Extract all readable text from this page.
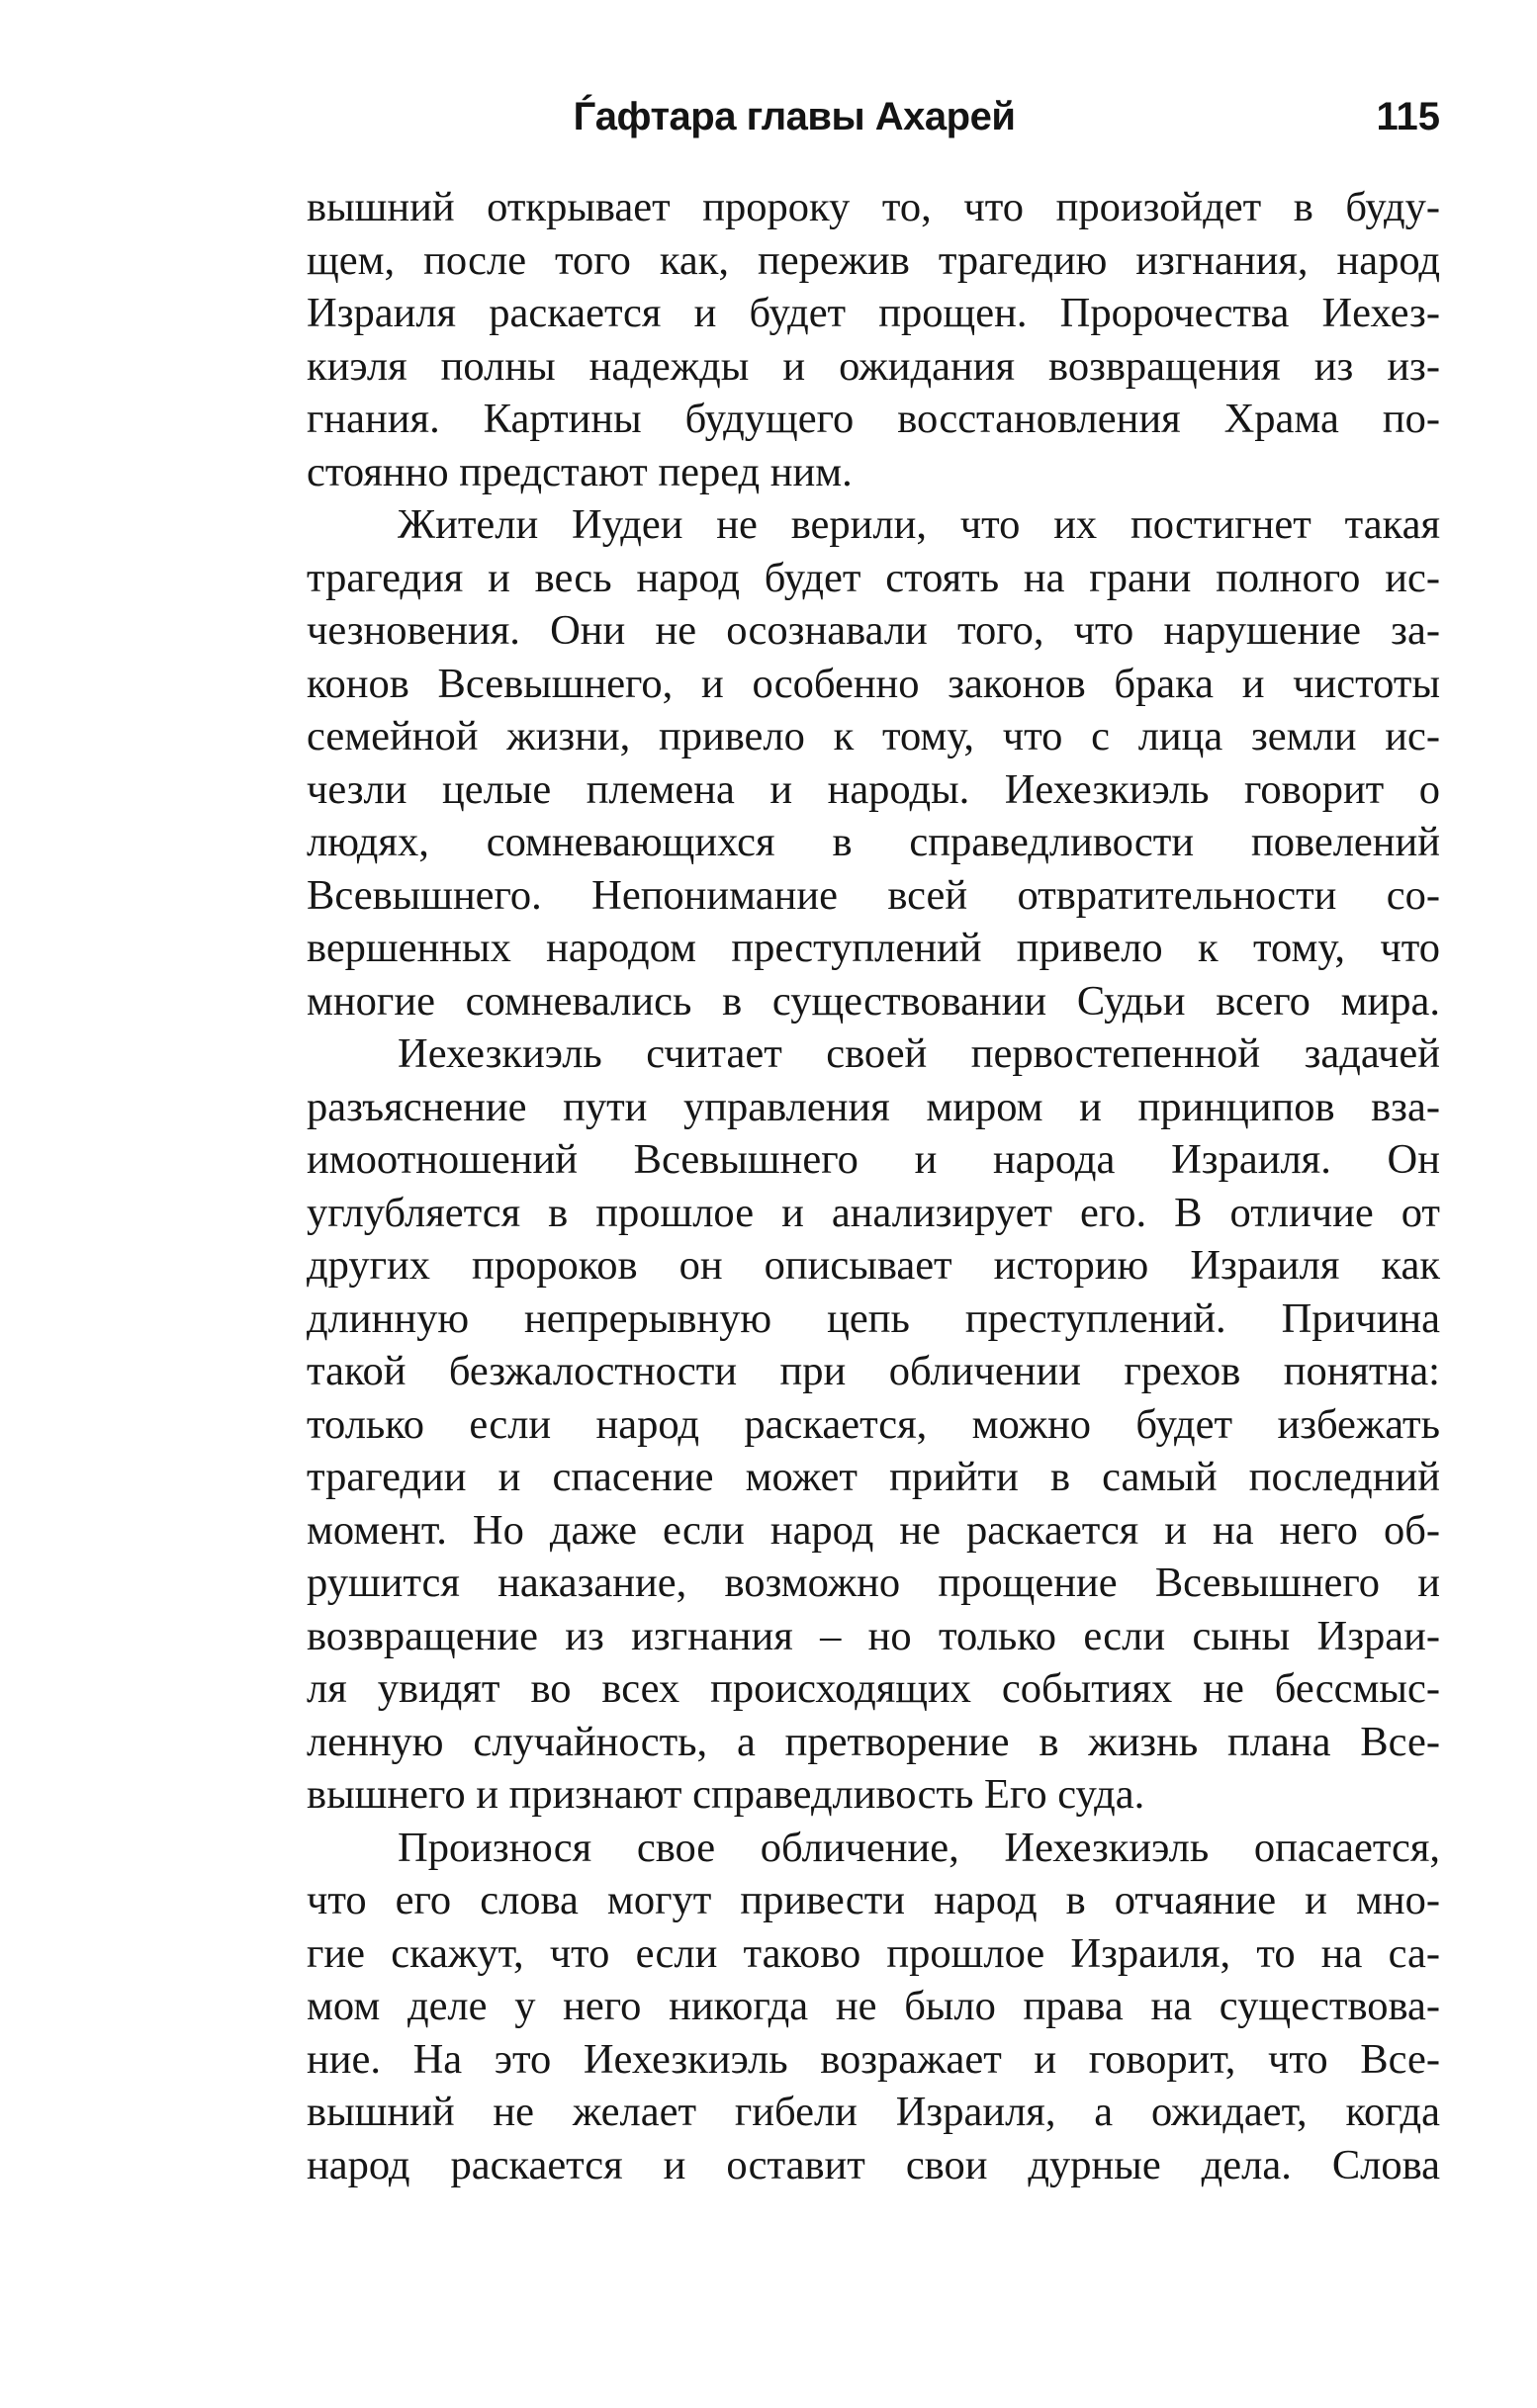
Ѓафтара главы Ахарей	115
вышний открывает пророку то, что произойдет в буду-
щем, после того как, пережив трагедию изгнания, народ
Израиля раскается и будет прощен. Пророчества Иехез-
киэля полны надежды и ожидания возвращения из из-
гнания. Картины будущего восстановления Храма по-
стоянно предстают перед ним.
Жители Иудеи не верили, что их постигнет такая
трагедия и весь народ будет стоять на грани полного ис-
чезновения. Они не осознавали того, что нарушение за-
конов Всевышнего, и особенно законов брака и чистоты
семейной жизни, привело к тому, что с лица земли ис-
чезли целые племена и народы. Иехезкиэль говорит о
людях, сомневающихся в справедливости повелений
Всевышнего. Непонимание всей отвратительности со-
вершенных народом преступлений привело к тому, что
многие сомневались в существовании Судьи всего мира.
Иехезкиэль считает своей первостепенной задачей
разъяснение пути управления миром и принципов вза-
имоотношений Всевышнего и народа Израиля. Он
углубляется в прошлое и анализирует его. В отличие от
других пророков он описывает историю Израиля как
длинную непрерывную цепь преступлений. Причина
такой безжалостности при обличении грехов понятна:
только если народ раскается, можно будет избежать
трагедии и спасение может прийти в самый последний
момент. Но даже если народ не раскается и на него об-
рушится наказание, возможно прощение Всевышнего и
возвращение из изгнания – но только если сыны Израи-
ля увидят во всех происходящих событиях не бессмыс-
ленную случайность, а претворение в жизнь плана Все-
вышнего и признают справедливость Его суда.
Произнося свое обличение, Иехезкиэль опасается,
что его слова могут привести народ в отчаяние и мно-
гие скажут, что если таково прошлое Израиля, то на са-
мом деле у него никогда не было права на существова-
ние. На это Иехезкиэль возражает и говорит, что Все-
вышний не желает гибели Израиля, а ожидает, когда
народ раскается и оставит свои дурные дела. Слова
